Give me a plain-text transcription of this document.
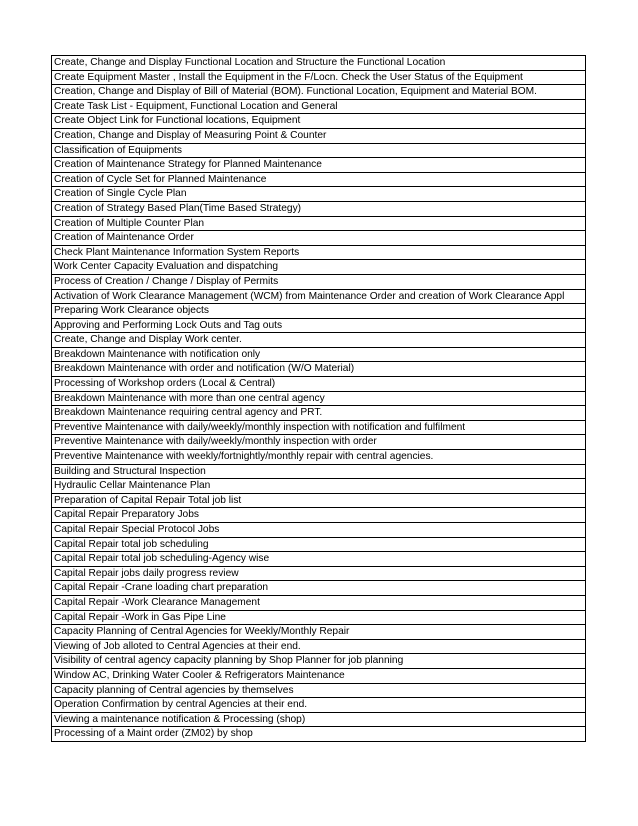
Create, Change and Display Functional Location and Structure the Functional Location
Create Equipment Master , Install the Equipment in the F/Locn. Check the User Status of the Equipment
Creation, Change and Display of Bill of Material (BOM). Functional Location, Equipment and Material BOM.
Create Task List - Equipment, Functional Location and General
Create Object Link for Functional locations, Equipment
Creation, Change and Display of Measuring Point & Counter
Classification of Equipments
Creation of Maintenance Strategy for Planned Maintenance
Creation of Cycle Set for Planned Maintenance
Creation of Single Cycle Plan
Creation of Strategy Based Plan(Time Based Strategy)
Creation of Multiple Counter Plan
Creation of Maintenance Order
Check Plant Maintenance Information System Reports
Work Center Capacity Evaluation and dispatching
Process of Creation / Change / Display of Permits
Activation of Work Clearance Management (WCM) from Maintenance Order and creation of Work Clearance Appl
Preparing Work Clearance objects
Approving and Performing Lock Outs and Tag outs
Create, Change and Display Work center.
Breakdown Maintenance with notification only
Breakdown Maintenance with order and notification (W/O Material)
Processing of Workshop orders (Local & Central)
Breakdown Maintenance with more than one central agency
Breakdown Maintenance requiring central agency and PRT.
Preventive Maintenance with daily/weekly/monthly inspection with notification and fulfilment
Preventive Maintenance with daily/weekly/monthly inspection with order
Preventive Maintenance with weekly/fortnightly/monthly repair with central agencies.
Building and Structural Inspection
Hydraulic Cellar Maintenance Plan
Preparation of Capital Repair Total job list
Capital Repair Preparatory Jobs
Capital Repair Special Protocol Jobs
Capital Repair total job scheduling
Capital Repair total job scheduling-Agency wise
Capital Repair jobs daily progress review
Capital Repair -Crane loading chart preparation
Capital Repair -Work Clearance Management
Capital Repair -Work in Gas Pipe Line
Capacity Planning of Central Agencies for Weekly/Monthly Repair
Viewing of Job alloted to Central Agencies at their end.
Visibility of central agency capacity planning by Shop Planner for job planning
Window AC, Drinking Water Cooler & Refrigerators Maintenance
Capacity planning of Central agencies by themselves
Operation Confirmation by central Agencies at their end.
Viewing a maintenance notification & Processing (shop)
Processing of a Maint order (ZM02) by shop
